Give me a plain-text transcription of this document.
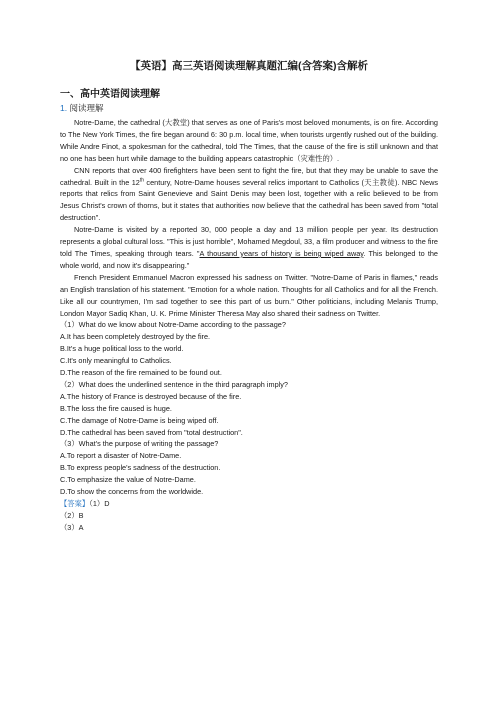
【英语】高三英语阅读理解真题汇编(含答案)含解析
一、高中英语阅读理解
1. 阅读理解

Notre-Dame, the cathedral (大教堂) that serves as one of Paris's most beloved monuments, is on fire. According to The New York Times, the fire began around 6: 30 p.m. local time, when tourists urgently rushed out of the building. While Andre Finot, a spokesman for the cathedral, told The Times, that the cause of the fire is still unknown and that no one has been hurt while damage to the building appears catastrophic（灾难性的）.

CNN reports that over 400 firefighters have been sent to fight the fire, but that they may be unable to save the cathedral. Built in the 12th century, Notre-Dame houses several relics important to Catholics (天主教徒). NBC News reports that relics from Saint Genevieve and Saint Denis may been lost, together with a relic believed to be from Jesus Christ's crown of thorns, but it states that authorities now believe that the cathedral has been saved from "total destruction".

Notre-Dame is visited by a reported 30, 000 people a day and 13 million people per year. Its destruction represents a global cultural loss. "This is just horrible", Mohamed Megdoul, 33, a film producer and witness to the fire told The Times, speaking through tears. "A thousand years of history is being wiped away. This belonged to the whole world, and now it's disappearing."

French President Emmanuel Macron expressed his sadness on Twitter. "Notre-Dame of Paris in flames," reads an English translation of his statement. "Emotion for a whole nation. Thoughts for all Catholics and for all the French. Like all our countrymen, I'm sad together to see this part of us burn." Other politicians, including Melanis Trump, London Mayor Sadiq Khan, U. K. Prime Minister Theresa May also shared their sadness on Twitter.

（1）What do we know about Notre-Dame according to the passage?

A.It has been completely destroyed by the fire.

B.It's a huge political loss to the world.

C.It's only meaningful to Catholics.

D.The reason of the fire remained to be found out.

（2）What does the underlined sentence in the third paragraph imply?

A.The history of France is destroyed because of the fire.

B.The loss the fire caused is huge.

C.The damage of Notre-Dame is being wiped off.

D.The cathedral has been saved from "total destruction".

（3）What's the purpose of writing the passage?

A.To report a disaster of Notre-Dame.

B.To express people's sadness of the destruction.

C.To emphasize the value of Notre-Dame.

D.To show the concerns from the worldwide.

【答案】（1）D

（2）B

（3）A
